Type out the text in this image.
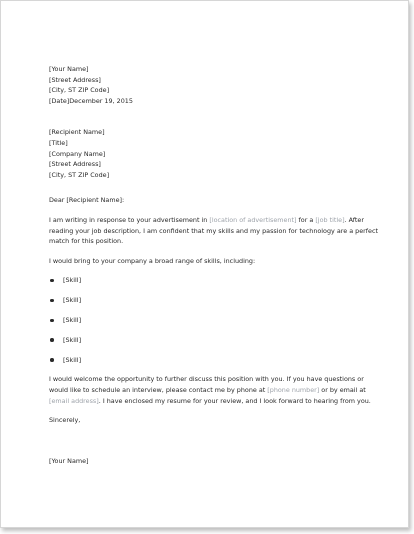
[Your Name]
[Street Address]
[City, ST ZIP Code]
[Date]December 19, 2015
[Recipient Name]
[Title]
[Company Name]
[Street Address]
[City, ST ZIP Code]
Dear [Recipient Name]:
I am writing in response to your advertisement in [location of advertisement] for a [job title]. After reading your job description, I am confident that my skills and my passion for technology are a perfect match for this position.
I would bring to your company a broad range of skills, including:
[Skill]
[Skill]
[Skill]
[Skill]
[Skill]
I would welcome the opportunity to further discuss this position with you. If you have questions or would like to schedule an interview, please contact me by phone at [phone number] or by email at [email address]. I have enclosed my resume for your review, and I look forward to hearing from you.
Sincerely,
[Your Name]
